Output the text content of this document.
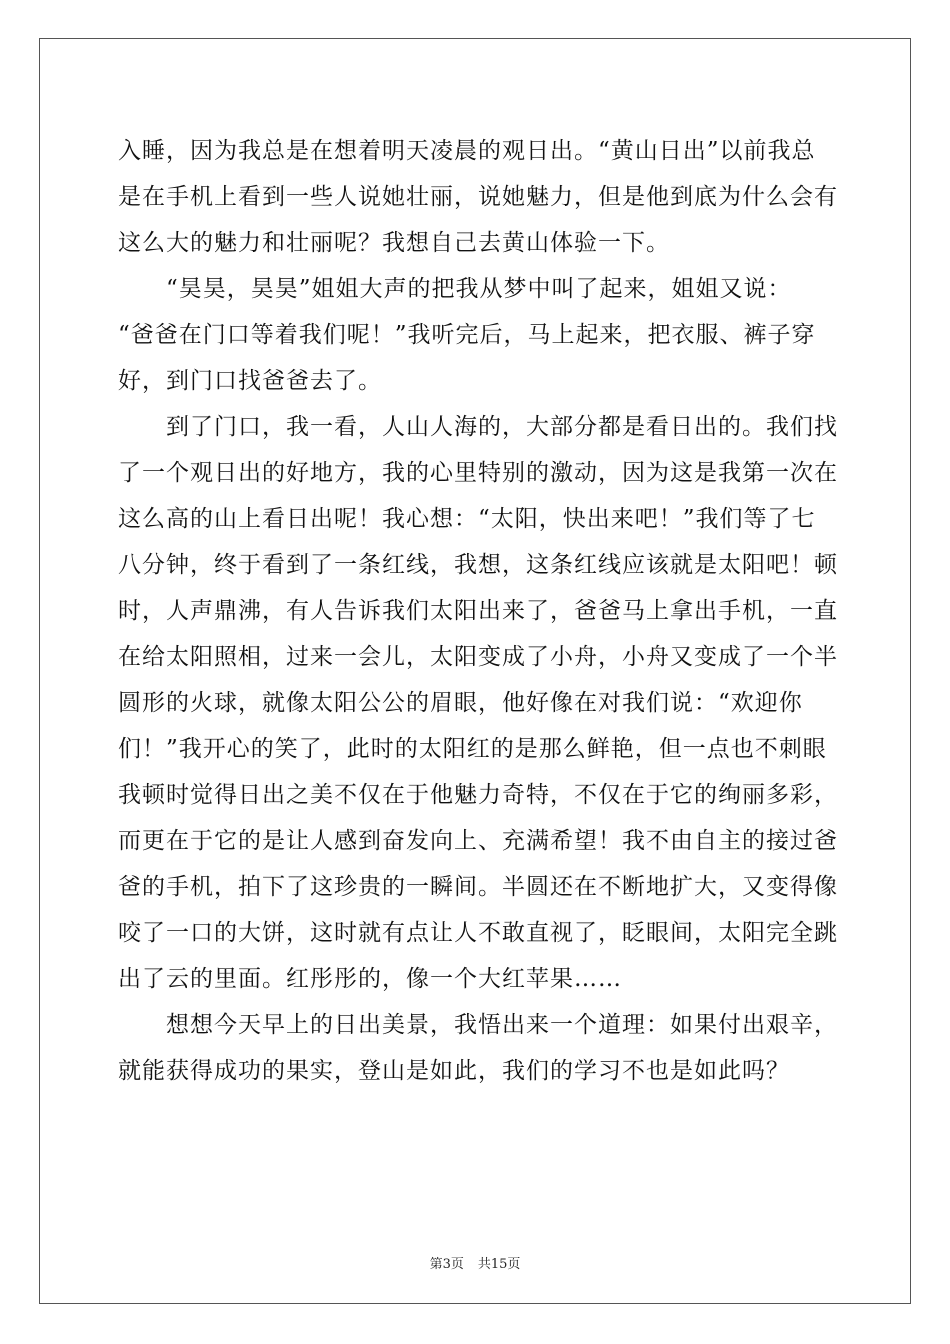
入睡，因为我总是在想着明天凌晨的观日出。“黄山日出”以前我总
是在手机上看到一些人说她壮丽，说她魅力，但是他到底为什么会有
这么大的魅力和壮丽呢？我想自己去黄山体验一下。
“昊昊，昊昊”姐姐大声的把我从梦中叫了起来，姐姐又说：
“爸爸在门口等着我们呢！”我听完后，马上起来，把衣服、裤子穿
好，到门口找爸爸去了。
到了门口，我一看，人山人海的，大部分都是看日出的。我们找
了一个观日出的好地方，我的心里特别的激动，因为这是我第一次在
这么高的山上看日出呢！我心想：“太阳，快出来吧！”我们等了七
八分钟，终于看到了一条红线，我想，这条红线应该就是太阳吧！顿
时，人声鼎沸，有人告诉我们太阳出来了，爸爸马上拿出手机，一直
在给太阳照相，过来一会儿，太阳变成了小舟，小舟又变成了一个半
圆形的火球，就像太阳公公的眉眼，他好像在对我们说：“欢迎你
们！”我开心的笑了，此时的太阳红的是那么鲜艳，但一点也不刺眼
我顿时觉得日出之美不仅在于他魅力奇特，不仅在于它的绚丽多彩，
而更在于它的是让人感到奋发向上、充满希望！我不由自主的接过爸
爸的手机，拍下了这珍贵的一瞬间。半圆还在不断地扩大，又变得像
咬了一口的大饼，这时就有点让人不敢直视了，眨眼间，太阳完全跳
出了云的里面。红彤彤的，像一个大红苹果……
想想今天早上的日出美景，我悟出来一个道理：如果付出艰辛，
就能获得成功的果实，登山是如此，我们的学习不也是如此吗？
第3页 共15页
